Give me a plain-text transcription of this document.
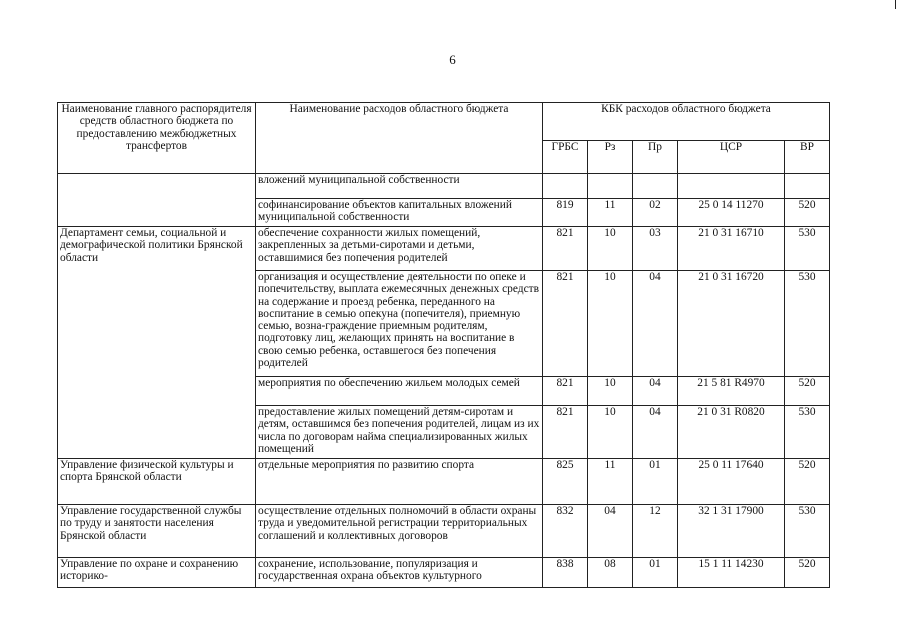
6
Наименование главного распорядителя средств областного бюджета по предоставлению межбюджетных трансфертов	Наименование расходов областного бюджета	КБК расходов областного бюджета				
		ГРБС	Рз	Пр	ЦСР	ВР
	вложений муниципальной собственности					
	софинансирование объектов капитальных вложений муниципальной собственности	819	11	02	25 0 14 11270	520
Департамент семьи, социальной и демографической политики Брянской области	обеспечение сохранности жилых помещений, закрепленных за детьми-сиротами и детьми, оставшимися без попечения родителей	821	10	03	21 0 31 16710	530
	организация и осуществление деятельности по опеке и попечительству, выплата ежемесячных денежных средств на содержание и проезд ребенка, переданного на воспитание в семью опекуна (попечителя), приемную семью, возна-граждение приемным родителям, подготовку лиц, желающих принять на воспитание в свою семью ребенка, оставшегося без попечения родителей	821	10	04	21 0 31 16720	530
	мероприятия по обеспечению жильем молодых семей	821	10	04	21 5 81 R4970	520
	предоставление жилых помещений детям-сиротам и детям, оставшимся без попечения родителей, лицам из их числа по договорам найма специализированных жилых помещений	821	10	04	21 0 31 R0820	530
Управление физической культуры и спорта Брянской области	отдельные мероприятия по развитию спорта	825	11	01	25 0 11 17640	520
Управление государственной службы по труду и занятости населения Брянской области	осуществление отдельных полномочий в области охраны труда и уведомительной регистрации территориальных соглашений и коллективных договоров	832	04	12	32 1 31 17900	530
Управление по охране и сохранению историко-	сохранение, использование, популяризация и государственная охрана объектов культурного	838	08	01	15 1 11 14230	520
